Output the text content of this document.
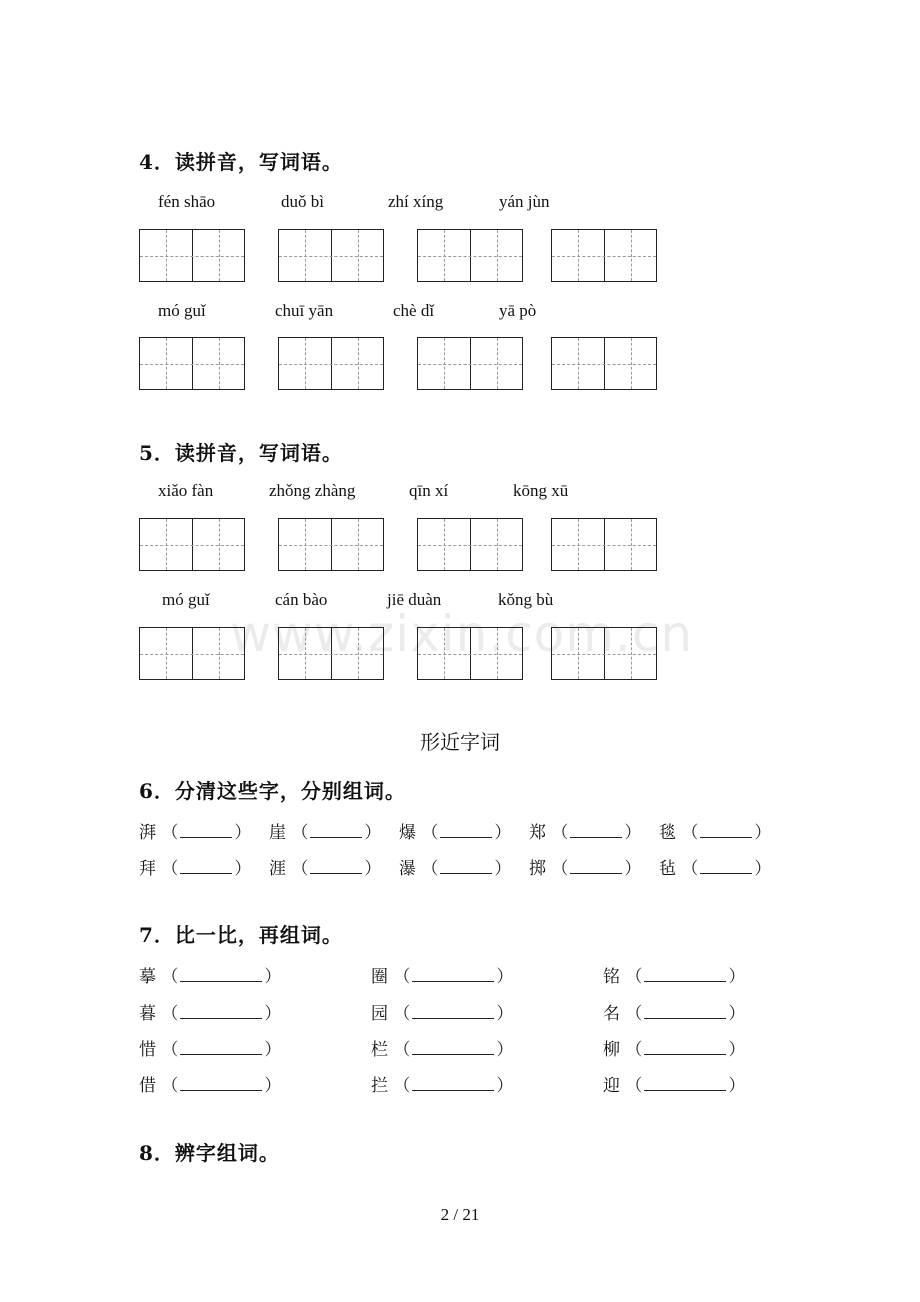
www.zixin.com.cn
4．读拼音，写词语。
fén shāo	duǒ bì	zhí xíng	yán jùn
mó guǐ	chuī yān	chè dǐ	yā pò
5．读拼音，写词语。
xiǎo fàn	zhǒng zhàng	qīn xí	kōng xū
mó guǐ	cán bào	jiē duàn	kǒng bù
形近字词
6．分清这些字，分别组词。
湃 （	） 崖 （	） 爆 （	） 郑 （	） 毯 （	）
拜 （	） 涯 （	） 瀑 （	） 掷 （	） 毡 （	）
7．比一比，再组词。
摹 （	）	圈 （	）	铭 （	）
暮 （	）	园 （	）	名 （	）
惜 （	）	栏 （	）	柳 （	）
借 （	）	拦 （	）	迎 （	）
8．辨字组词。
2 / 21
